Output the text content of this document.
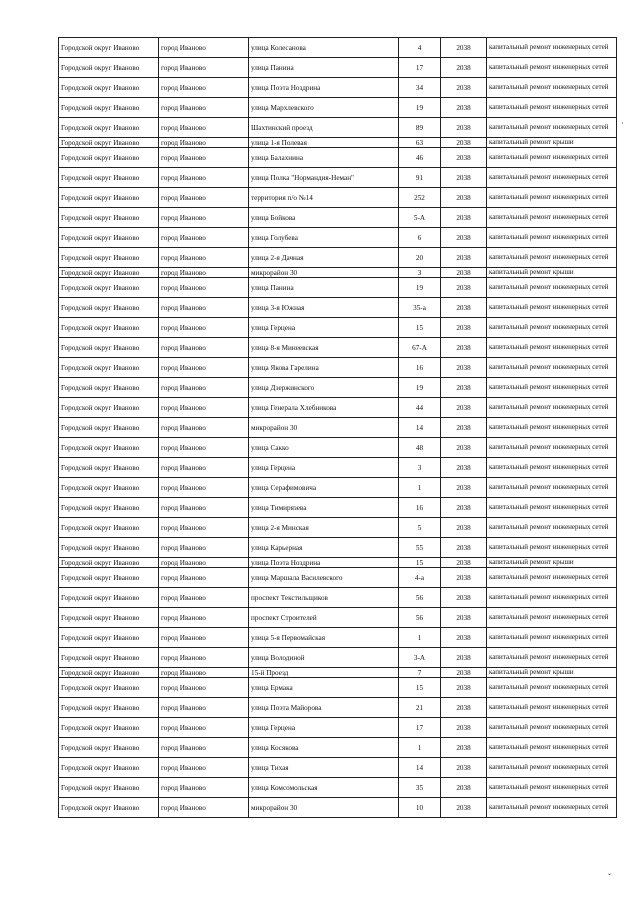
Городской округ Иваново	город Иваново	улица Колесанова	4	2038	капитальный ремонт инженерных сетей
Городской округ Иваново	город Иваново	улица Панина	17	2038	капитальный ремонт инженерных сетей
Городской округ Иваново	город Иваново	улица Поэта Ноздрина	34	2038	капитальный ремонт инженерных сетей
Городской округ Иваново	город Иваново	улица Мархлевского	19	2038	капитальный ремонт инженерных сетей
Городской округ Иваново	город Иваново	Шахтинский проезд	89	2038	капитальный ремонт инженерных сетей
Городской округ Иваново	город Иваново	улица 1-я Полевая	63	2038	капитальный ремонт крыши
Городской округ Иваново	город Иваново	улица Балахнина	46	2038	капитальный ремонт инженерных сетей
Городской округ Иваново	город Иваново	улица Полка "Нормандия-Неман"	91	2038	капитальный ремонт инженерных сетей
Городской округ Иваново	город Иваново	территория п/о №14	252	2038	капитальный ремонт инженерных сетей
Городской округ Иваново	город Иваново	улица Бойкова	5-А	2038	капитальный ремонт инженерных сетей
Городской округ Иваново	город Иваново	улица Голубева	6	2038	капитальный ремонт инженерных сетей
Городской округ Иваново	город Иваново	улица 2-я Дачная	20	2038	капитальный ремонт инженерных сетей
Городской округ Иваново	город Иваново	микрорайон 30	3	2038	капитальный ремонт крыши
Городской округ Иваново	город Иваново	улица Панина	19	2038	капитальный ремонт инженерных сетей
Городской округ Иваново	город Иваново	улица 3-я Южная	35-а	2038	капитальный ремонт инженерных сетей
Городской округ Иваново	город Иваново	улица Герцена	15	2038	капитальный ремонт инженерных сетей
Городской округ Иваново	город Иваново	улица 8-я Минеевская	67-А	2038	капитальный ремонт инженерных сетей
Городской округ Иваново	город Иваново	улица Якова Гарелина	16	2038	капитальный ремонт инженерных сетей
Городской округ Иваново	город Иваново	улица Дзержинского	19	2038	капитальный ремонт инженерных сетей
Городской округ Иваново	город Иваново	улица Генерала Хлебникова	44	2038	капитальный ремонт инженерных сетей
Городской округ Иваново	город Иваново	микрорайон 30	14	2038	капитальный ремонт инженерных сетей
Городской округ Иваново	город Иваново	улица Сакко	48	2038	капитальный ремонт инженерных сетей
Городской округ Иваново	город Иваново	улица Герцена	3	2038	капитальный ремонт инженерных сетей
Городской округ Иваново	город Иваново	улица Серафимовича	1	2038	капитальный ремонт инженерных сетей
Городской округ Иваново	город Иваново	улица Тимирязева	16	2038	капитальный ремонт инженерных сетей
Городской округ Иваново	город Иваново	улица 2-я Минская	5	2038	капитальный ремонт инженерных сетей
Городской округ Иваново	город Иваново	улица Карьерная	55	2038	капитальный ремонт инженерных сетей
Городской округ Иваново	город Иваново	улица Поэта Ноздрина	15	2038	капитальный ремонт крыши
Городской округ Иваново	город Иваново	улица Маршала Василевского	4-а	2038	капитальный ремонт инженерных сетей
Городской округ Иваново	город Иваново	проспект Текстильщиков	56	2038	капитальный ремонт инженерных сетей
Городской округ Иваново	город Иваново	проспект Строителей	56	2038	капитальный ремонт инженерных сетей
Городской округ Иваново	город Иваново	улица 5-я Первомайская	1	2038	капитальный ремонт инженерных сетей
Городской округ Иваново	город Иваново	улица Володиной	3-А	2038	капитальный ремонт инженерных сетей
Городской округ Иваново	город Иваново	15-й Проезд	7	2038	капитальный ремонт крыши
Городской округ Иваново	город Иваново	улица Ермака	15	2038	капитальный ремонт инженерных сетей
Городской округ Иваново	город Иваново	улица Поэта Майорова	21	2038	капитальный ремонт инженерных сетей
Городской округ Иваново	город Иваново	улица Герцена	17	2038	капитальный ремонт инженерных сетей
Городской округ Иваново	город Иваново	улица Косякова	1	2038	капитальный ремонт инженерных сетей
Городской округ Иваново	город Иваново	улица Тихая	14	2038	капитальный ремонт инженерных сетей
Городской округ Иваново	город Иваново	улица Комсомольская	35	2038	капитальный ремонт инженерных сетей
Городской округ Иваново	город Иваново	микрорайон 30	10	2038	капитальный ремонт инженерных сетей
·
ˇ
